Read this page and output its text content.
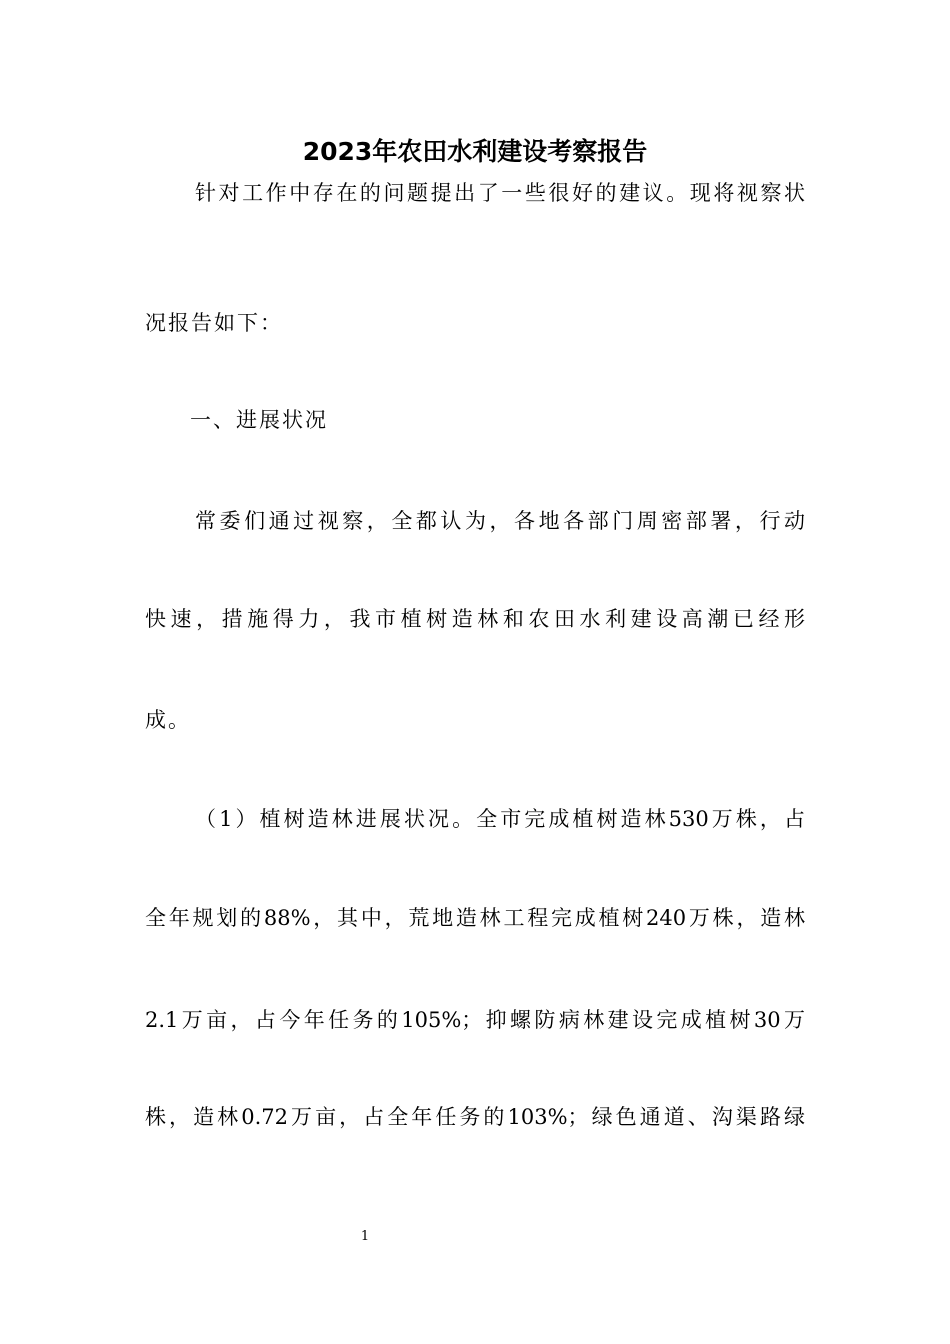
2023年农田水利建设考察报告
针对工作中存在的问题提出了一些很好的建议。现将视察状
况报告如下：
一、进展状况
常委们通过视察，全都认为，各地各部门周密部署，行动
快速，措施得力，我市植树造林和农田水利建设高潮已经形
成。
（1）植树造林进展状况。全市完成植树造林530万株，占
全年规划的88%，其中，荒地造林工程完成植树240万株，造林
2.1万亩，占今年任务的105%；抑螺防病林建设完成植树30万
株，造林0.72万亩，占全年任务的103%；绿色通道、沟渠路绿
1
